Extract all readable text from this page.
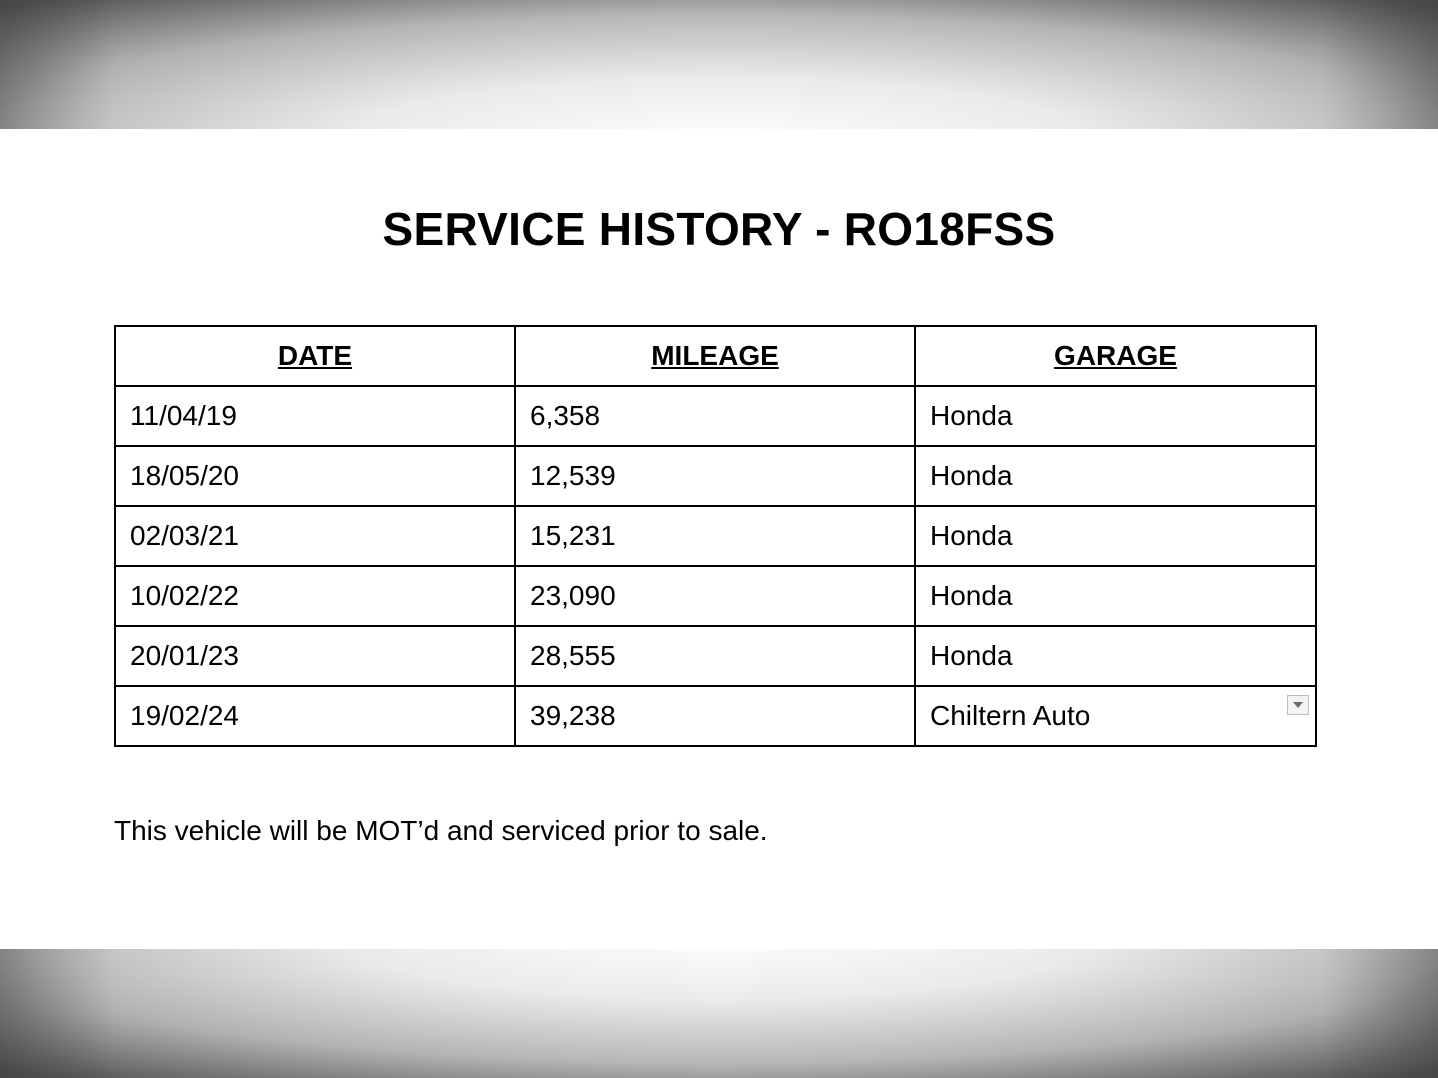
SERVICE HISTORY - RO18FSS
DATE	MILEAGE	GARAGE
11/04/19	6,358	Honda
18/05/20	12,539	Honda
02/03/21	15,231	Honda
10/02/22	23,090	Honda
20/01/23	28,555	Honda
19/02/24	39,238	Chiltern Auto
This vehicle will be MOT’d and serviced prior to sale.
